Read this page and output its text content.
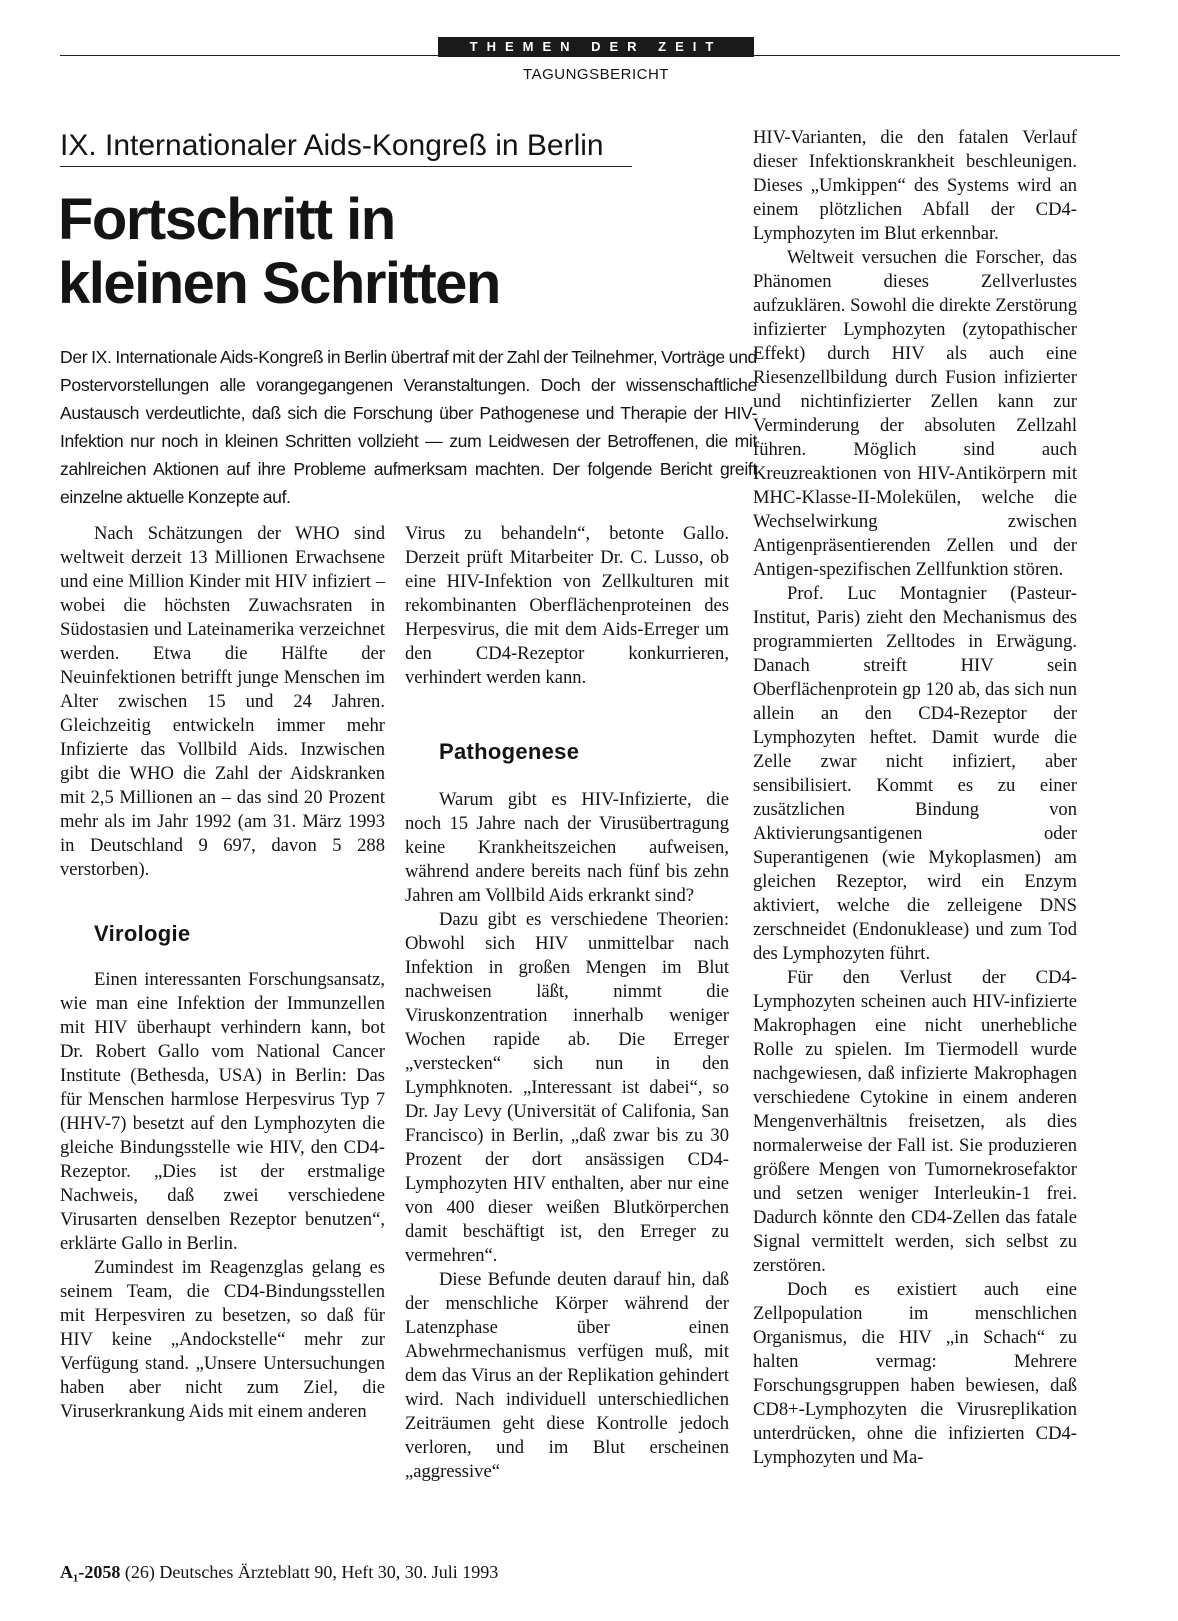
THEMEN DER ZEIT
TAGUNGSBERICHT
IX. Internationaler Aids-Kongreß in Berlin
Fortschritt in
kleinen Schritten

Der IX. Internationale Aids-Kongreß in Berlin übertraf mit der Zahl der Teilnehmer, Vorträge und Postervorstellungen alle vorangegangenen Veranstaltungen. Doch der wissenschaftliche Austausch verdeutlichte, daß sich die Forschung über Pathogenese und Therapie der HIV-Infektion nur noch in kleinen Schritten vollzieht — zum Leidwesen der Betroffenen, die mit zahlreichen Aktionen auf ihre Probleme aufmerksam machten. Der folgende Bericht greift einzelne aktuelle Konzepte auf.

Nach Schätzungen der WHO sind weltweit derzeit 13 Millionen Erwachsene und eine Million Kinder mit HIV infiziert – wobei die höchsten Zuwachsraten in Südostasien und Lateinamerika verzeichnet werden. Etwa die Hälfte der Neuinfektionen betrifft junge Menschen im Alter zwischen 15 und 24 Jahren. Gleichzeitig entwickeln immer mehr Infizierte das Vollbild Aids. Inzwischen gibt die WHO die Zahl der Aidskranken mit 2,5 Millionen an – das sind 20 Prozent mehr als im Jahr 1992 (am 31. März 1993 in Deutschland 9 697, davon 5 288 verstorben).

Virologie

Einen interessanten Forschungsansatz, wie man eine Infektion der Immunzellen mit HIV überhaupt verhindern kann, bot Dr. Robert Gallo vom National Cancer Institute (Bethesda, USA) in Berlin: Das für Menschen harmlose Herpesvirus Typ 7 (HHV-7) besetzt auf den Lymphozyten die gleiche Bindungsstelle wie HIV, den CD4-Rezeptor. „Dies ist der erstmalige Nachweis, daß zwei verschiedene Virusarten denselben Rezeptor benutzen“, erklärte Gallo in Berlin.

Zumindest im Reagenzglas gelang es seinem Team, die CD4-Bindungsstellen mit Herpesviren zu besetzen, so daß für HIV keine „Andockstelle“ mehr zur Verfügung stand. „Unsere Untersuchungen haben aber nicht zum Ziel, die Viruserkrankung Aids mit einem anderen

Virus zu behandeln“, betonte Gallo. Derzeit prüft Mitarbeiter Dr. C. Lusso, ob eine HIV-Infektion von Zellkulturen mit rekombinanten Oberflächenproteinen des Herpesvirus, die mit dem Aids-Erreger um den CD4-Rezeptor konkurrieren, verhindert werden kann.

Pathogenese

Warum gibt es HIV-Infizierte, die noch 15 Jahre nach der Virusübertragung keine Krankheitszeichen aufweisen, während andere bereits nach fünf bis zehn Jahren am Vollbild Aids erkrankt sind?

Dazu gibt es verschiedene Theorien: Obwohl sich HIV unmittelbar nach Infektion in großen Mengen im Blut nachweisen läßt, nimmt die Viruskonzentration innerhalb weniger Wochen rapide ab. Die Erreger „verstecken“ sich nun in den Lymphknoten. „Interessant ist dabei“, so Dr. Jay Levy (Universität of Califonia, San Francisco) in Berlin, „daß zwar bis zu 30 Prozent der dort ansässigen CD4-Lymphozyten HIV enthalten, aber nur eine von 400 dieser weißen Blutkörperchen damit beschäftigt ist, den Erreger zu vermehren“.

Diese Befunde deuten darauf hin, daß der menschliche Körper während der Latenzphase über einen Abwehrmechanismus verfügen muß, mit dem das Virus an der Replikation gehindert wird. Nach individuell unterschiedlichen Zeiträumen geht diese Kontrolle jedoch verloren, und im Blut erscheinen „aggressive“

HIV-Varianten, die den fatalen Verlauf dieser Infektionskrankheit beschleunigen. Dieses „Umkippen“ des Systems wird an einem plötzlichen Abfall der CD4-Lymphozyten im Blut erkennbar.

Weltweit versuchen die Forscher, das Phänomen dieses Zellverlustes aufzuklären. Sowohl die direkte Zerstörung infizierter Lymphozyten (zytopathischer Effekt) durch HIV als auch eine Riesenzellbildung durch Fusion infizierter und nichtinfizierter Zellen kann zur Verminderung der absoluten Zellzahl führen. Möglich sind auch Kreuzreaktionen von HIV-Antikörpern mit MHC-Klasse-II-Molekülen, welche die Wechselwirkung zwischen Antigenpräsentierenden Zellen und der Antigen-spezifischen Zellfunktion stören.

Prof. Luc Montagnier (Pasteur-Institut, Paris) zieht den Mechanismus des programmierten Zelltodes in Erwägung. Danach streift HIV sein Oberflächenprotein gp 120 ab, das sich nun allein an den CD4-Rezeptor der Lymphozyten heftet. Damit wurde die Zelle zwar nicht infiziert, aber sensibilisiert. Kommt es zu einer zusätzlichen Bindung von Aktivierungsantigenen oder Superantigenen (wie Mykoplasmen) am gleichen Rezeptor, wird ein Enzym aktiviert, welche die zelleigene DNS zerschneidet (Endonuklease) und zum Tod des Lymphozyten führt.

Für den Verlust der CD4-Lymphozyten scheinen auch HIV-infizierte Makrophagen eine nicht unerhebliche Rolle zu spielen. Im Tiermodell wurde nachgewiesen, daß infizierte Makrophagen verschiedene Cytokine in einem anderen Mengenverhältnis freisetzen, als dies normalerweise der Fall ist. Sie produzieren größere Mengen von Tumornekrosefaktor und setzen weniger Interleukin-1 frei. Dadurch könnte den CD4-Zellen das fatale Signal vermittelt werden, sich selbst zu zerstören.

Doch es existiert auch eine Zellpopulation im menschlichen Organismus, die HIV „in Schach“ zu halten vermag: Mehrere Forschungsgruppen haben bewiesen, daß CD8+-Lymphozyten die Virusreplikation unterdrücken, ohne die infizierten CD4-Lymphozyten und Ma-

A₁-2058 (26) Deutsches Ärzteblatt 90, Heft 30, 30. Juli 1993
